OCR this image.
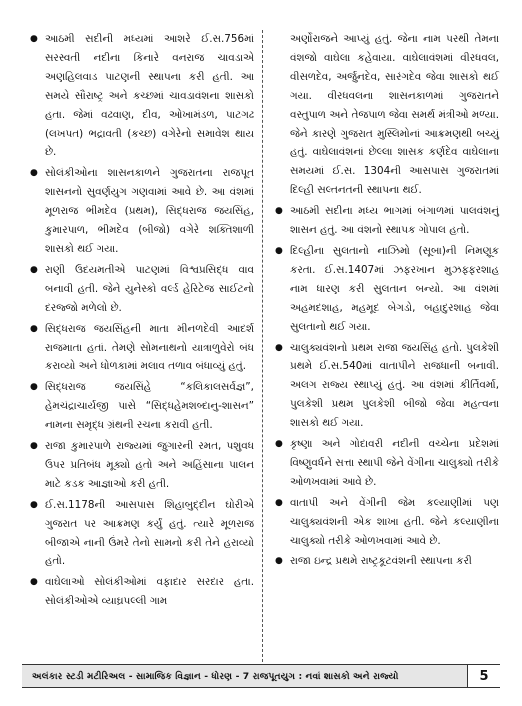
● આઠમી સદીની મધ્યમાં આશરે ઈ.સ.756માં સરસ્વતી નદીના કિનારે વનરાજ ચાવડાએ અણહિલવાડ પાટણની સ્થાપના કરી હતી. આ સમયે સૌરાષ્ટ્ર અને કચ્છમાં ચાવડાવંશના શાસકો હતા. જેમાં વઢવાણ, દીવ, ઓખામંડળ, પાટગઢ (લખપત) ભદ્રાવતી (કચ્છ) વગેરેનો સમાવેશ થાય છે.

● સોલંકીઓના શાસનકાળને ગુજરાતના રાજપૂત શાસનનો સુવર્ણયુગ ગણવામાં આવે છે. આ વંશમાં મૂળરાજ ભીમદેવ (પ્રથમ), સિદ્ધરાજ જયસિંહ, કુમારપાળ, ભીમદેવ (બીજો) વગેરે શક્તિશાળી શાસકો થઈ ગયા.

● રાણી ઉદયમતીએ પાટણમાં વિશ્વપ્રસિદ્ધ વાવ બનાવી હતી. જેને યુનેસ્કો વર્લ્ડ હેરિટેજ સાઈટનો દરજ્જો મળેલો છે.

● સિદ્ધરાજ જયસિંહની માતા મીનળદેવી આદર્શ રાજમાતા હતાં. તેમણે સોમનાથનો યાત્રાળુવેરો બંધ કરાવ્યો અને ધોળકામાં મલાવ તળાવ બંધાવ્યું હતું.

● સિદ્ધરાજ જયસિંહે “કલિકાલસર્વજ્ઞ”, હેમચંદ્રાચાર્યજી પાસે “સિદ્ધહેમશબ્દાનુ-શાસન” નામના સમૃદ્ધ ગ્રંથની રચના કરાવી હતી.

● રાજા કુમારપાળે રાજ્યમાં જુગારની રમત, પશુવધ ઉપર પ્રતિબંધ મૂક્યો હતો અને અહિંસાના પાલન માટે કડક આજ્ઞાઓ કરી હતી.

● ઈ.સ.1178ની આસપાસ શિહાબુદ્દીન ઘોરીએ ગુજરાત પર આક્રમણ કર્યું હતું. ત્યારે મૂળરાજ બીજાએ નાની ઉંમરે તેનો સામનો કરી તેને હરાવ્યો હતો.

● વાઘેલાઓ સોલંકીઓમાં વફાદાર સરદાર હતા. સોલંકીઓએ વ્યાઘ્રપલ્લી ગામ

અર્ણોરાજને આપ્યું હતું. જેના નામ પરથી તેમના વંશજો વાઘેલા કહેવાયા. વાઘેલાવંશમાં વીરધવલ, વીસળદેવ, અર્જુનદેવ, સારંગદેવ જેવા શાસકો થઈ ગયા. વીરધવલના શાસનકાળમાં ગુજરાતને વસ્તુપાળ અને તેજપાળ જેવા સમર્થ મંત્રીઓ મળ્યા. જેને કારણે ગુજરાત મુસ્લિમોનાં આક્રમણથી બચ્યું હતું. વાઘેલાવંશનાં છેલ્લા શાસક કર્ણદેવ વાઘેલાના સમયમાં ઈ.સ. 1304ની આસપાસ ગુજરાતમાં દિલ્હી સલ્તનતની સ્થાપના થઈ.

● આઠમી સદીના મધ્ય ભાગમાં બંગાળમાં પાલવંશનું શાસન હતું. આ વંશનો સ્થાપક ગોપાલ હતો.

● દિલ્હીના સુલતાનો નાઝિમો (સૂબા)ની નિમણૂક કરતા. ઈ.સ.1407માં ઝફરખાન મુઝફ્ફરશાહ નામ ધારણ કરી સુલતાન બન્યો. આ વંશમાં અહમદશાહ, મહમૂદ બેગડો, બહાદુરશાહ જેવા સુલતાનો થઈ ગયા.

● ચાલુક્યવંશનો પ્રથમ રાજા જયસિંહ હતો. પુલકેશી પ્રથમે ઈ.સ.540માં વાતાપીને રાજધાની બનાવી. અલગ રાજ્ય સ્થાપ્યું હતું. આ વંશમાં કીર્તિવર્મા, પુલકેશી પ્રથમ પુલકેશી બીજો જેવા મહત્વના શાસકો થઈ ગયા.

● કૃષ્ણા અને ગોદાવરી નદીની વચ્ચેના પ્રદેશમાં વિષ્ણુવર્ધને સત્તા સ્થાપી જેને વેંગીના ચાલુક્યો તરીકે ઓળખવામાં આવે છે.

● વાતાપી અને વેંગીની જેમ કલ્યાણીમાં પણ ચાલુક્યવંશની એક શાખા હતી. જેને કલ્યાણીના ચાલુક્યો તરીકે ઓળખવામાં આવે છે.

● રાજા ઇન્દ્ર પ્રથમે રાષ્ટ્રકૂટવંશની સ્થાપના કરી

અલંકાર સ્ટડી મટીરિઅલ - સામાજિક વિજ્ઞાન - ધોરણ - 7 રાજપૂતયુગ : નવાં શાસકો અને રાજ્યો	5
